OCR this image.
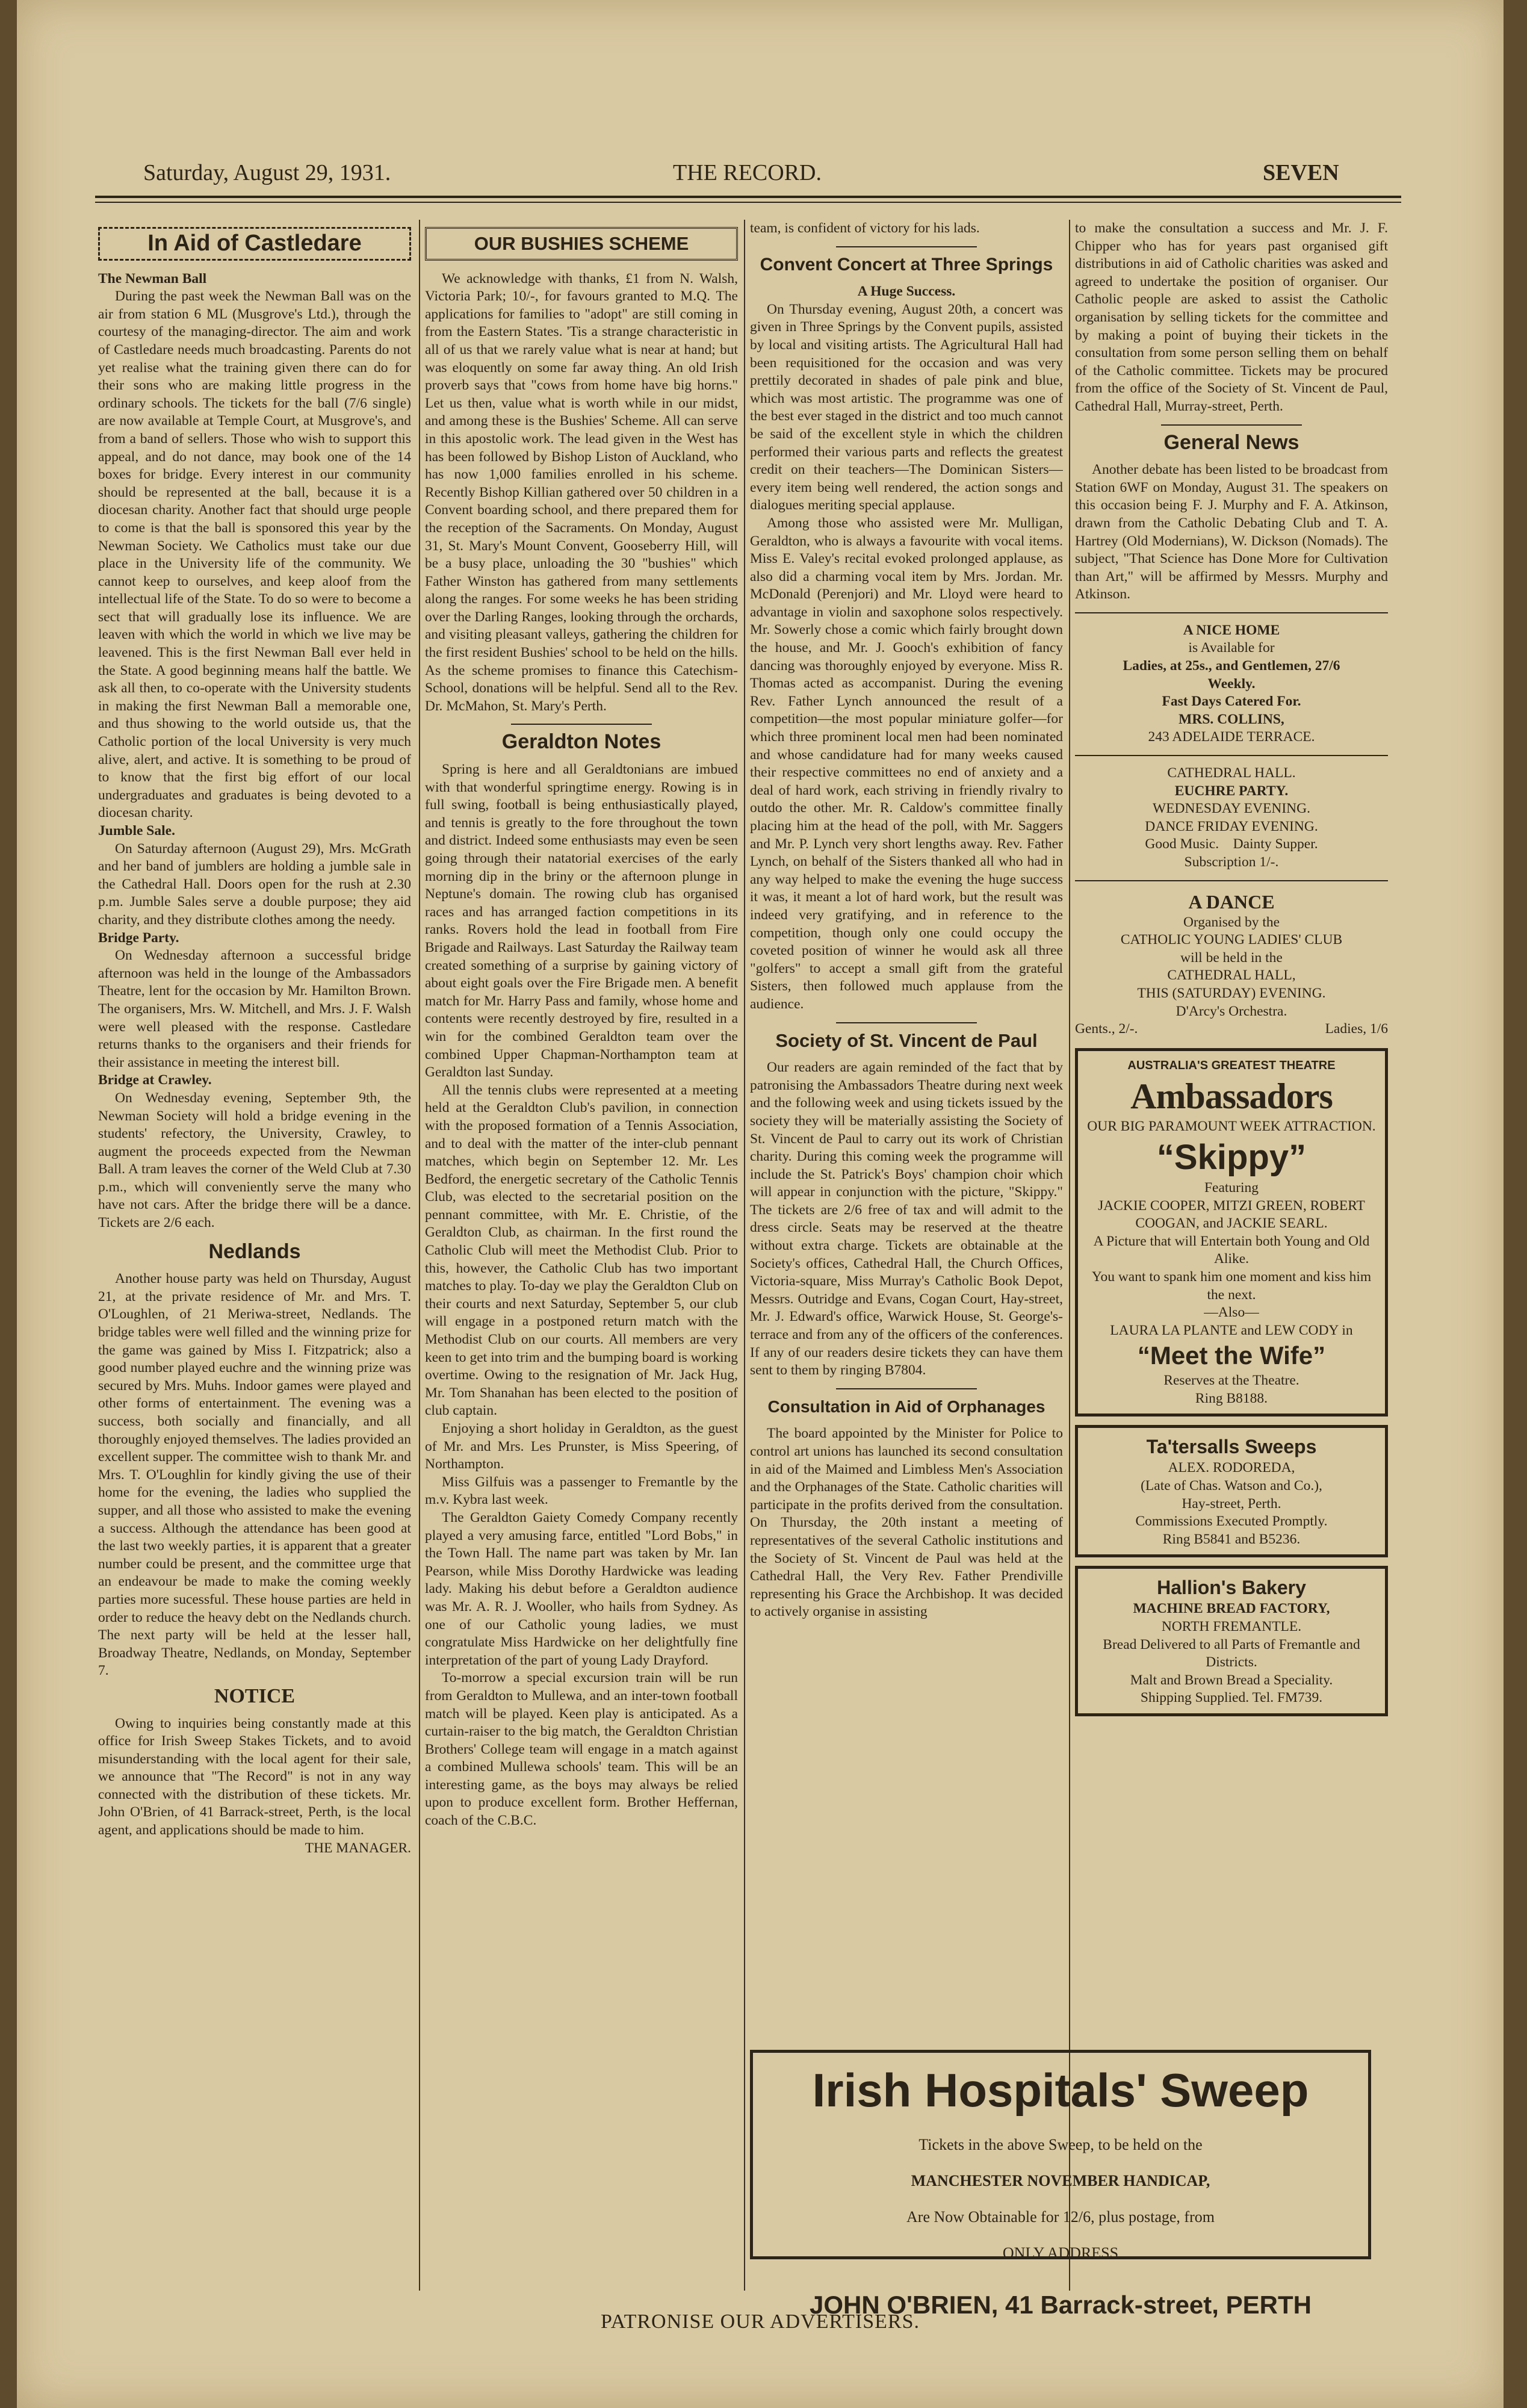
Saturday, August 29, 1931.	THE RECORD.	SEVEN
In Aid of Castledare

The Newman Ball

During the past week the Newman Ball was on the air from station 6 ML (Musgrove's Ltd.), through the courtesy of the managing-director. The aim and work of Castledare needs much broadcasting. Parents do not yet realise what the training given there can do for their sons who are making little progress in the ordinary schools. The tickets for the ball (7/6 single) are now available at Temple Court, at Musgrove's, and from a band of sellers. Those who wish to support this appeal, and do not dance, may book one of the 14 boxes for bridge. Every interest in our community should be represented at the ball, because it is a diocesan charity. Another fact that should urge people to come is that the ball is sponsored this year by the Newman Society. We Catholics must take our due place in the University life of the community. We cannot keep to ourselves, and keep aloof from the intellectual life of the State. To do so were to become a sect that will gradually lose its influence. We are leaven with which the world in which we live may be leavened. This is the first Newman Ball ever held in the State. A good beginning means half the battle. We ask all then, to co-operate with the University students in making the first Newman Ball a memorable one, and thus showing to the world outside us, that the Catholic portion of the local University is very much alive, alert, and active. It is something to be proud of to know that the first big effort of our local undergraduates and graduates is being devoted to a diocesan charity.

Jumble Sale.

On Saturday afternoon (August 29), Mrs. McGrath and her band of jumblers are holding a jumble sale in the Cathedral Hall. Doors open for the rush at 2.30 p.m. Jumble Sales serve a double purpose; they aid charity, and they distribute clothes among the needy.

Bridge Party.

On Wednesday afternoon a successful bridge afternoon was held in the lounge of the Ambassadors Theatre, lent for the occasion by Mr. Hamilton Brown. The organisers, Mrs. W. Mitchell, and Mrs. J. F. Walsh were well pleased with the response. Castledare returns thanks to the organisers and their friends for their assistance in meeting the interest bill.

Bridge at Crawley.

On Wednesday evening, September 9th, the Newman Society will hold a bridge evening in the students' refectory, the University, Crawley, to augment the proceeds expected from the Newman Ball. A tram leaves the corner of the Weld Club at 7.30 p.m., which will conveniently serve the many who have not cars. After the bridge there will be a dance. Tickets are 2/6 each.

Nedlands

Another house party was held on Thursday, August 21, at the private residence of Mr. and Mrs. T. O'Loughlen, of 21 Meriwa-street, Nedlands. The bridge tables were well filled and the winning prize for the game was gained by Miss I. Fitzpatrick; also a good number played euchre and the winning prize was secured by Mrs. Muhs. Indoor games were played and other forms of entertainment. The evening was a success, both socially and financially, and all thoroughly enjoyed themselves. The ladies provided an excellent supper. The committee wish to thank Mr. and Mrs. T. O'Loughlin for kindly giving the use of their home for the evening, the ladies who supplied the supper, and all those who assisted to make the evening a success. Although the attendance has been good at the last two weekly parties, it is apparent that a greater number could be present, and the committee urge that an endeavour be made to make the coming weekly parties more sucessful. These house parties are held in order to reduce the heavy debt on the Nedlands church. The next party will be held at the lesser hall, Broadway Theatre, Nedlands, on Monday, September 7.

NOTICE

Owing to inquiries being constantly made at this office for Irish Sweep Stakes Tickets, and to avoid misunderstanding with the local agent for their sale, we announce that "The Record" is not in any way connected with the distribution of these tickets. Mr. John O'Brien, of 41 Barrack-street, Perth, is the local agent, and applications should be made to him.

THE MANAGER.

OUR BUSHIES SCHEME

We acknowledge with thanks, £1 from N. Walsh, Victoria Park; 10/-, for favours granted to M.Q. The applications for families to "adopt" are still coming in from the Eastern States. 'Tis a strange characteristic in all of us that we rarely value what is near at hand; but was eloquently on some far away thing. An old Irish proverb says that "cows from home have big horns." Let us then, value what is worth while in our midst, and among these is the Bushies' Scheme. All can serve in this apostolic work. The lead given in the West has has been followed by Bishop Liston of Auckland, who has now 1,000 families enrolled in his scheme. Recently Bishop Killian gathered over 50 children in a Convent boarding school, and there prepared them for the reception of the Sacraments. On Monday, August 31, St. Mary's Mount Convent, Gooseberry Hill, will be a busy place, unloading the 30 "bushies" which Father Winston has gathered from many settlements along the ranges. For some weeks he has been striding over the Darling Ranges, looking through the orchards, and visiting pleasant valleys, gathering the children for the first resident Bushies' school to be held on the hills. As the scheme promises to finance this Catechism-School, donations will be helpful. Send all to the Rev. Dr. McMahon, St. Mary's Perth.

Geraldton Notes

Spring is here and all Geraldtonians are imbued with that wonderful springtime energy. Rowing is in full swing, football is being enthusiastically played, and tennis is greatly to the fore throughout the town and district. Indeed some enthusiasts may even be seen going through their natatorial exercises of the early morning dip in the briny or the afternoon plunge in Neptune's domain. The rowing club has organised races and has arranged faction competitions in its ranks. Rovers hold the lead in football from Fire Brigade and Railways. Last Saturday the Railway team created something of a surprise by gaining victory of about eight goals over the Fire Brigade men. A benefit match for Mr. Harry Pass and family, whose home and contents were recently destroyed by fire, resulted in a win for the combined Geraldton team over the combined Upper Chapman-Northampton team at Geraldton last Sunday.

All the tennis clubs were represented at a meeting held at the Geraldton Club's pavilion, in connection with the proposed formation of a Tennis Association, and to deal with the matter of the inter-club pennant matches, which begin on September 12. Mr. Les Bedford, the energetic secretary of the Catholic Tennis Club, was elected to the secretarial position on the pennant committee, with Mr. E. Christie, of the Geraldton Club, as chairman. In the first round the Catholic Club will meet the Methodist Club. Prior to this, however, the Catholic Club has two important matches to play. To-day we play the Geraldton Club on their courts and next Saturday, September 5, our club will engage in a postponed return match with the Methodist Club on our courts. All members are very keen to get into trim and the bumping board is working overtime. Owing to the resignation of Mr. Jack Hug, Mr. Tom Shanahan has been elected to the position of club captain.

Enjoying a short holiday in Geraldton, as the guest of Mr. and Mrs. Les Prunster, is Miss Speering, of Northampton.

Miss Gilfuis was a passenger to Fremantle by the m.v. Kybra last week.

The Geraldton Gaiety Comedy Company recently played a very amusing farce, entitled "Lord Bobs," in the Town Hall. The name part was taken by Mr. Ian Pearson, while Miss Dorothy Hardwicke was leading lady. Making his debut before a Geraldton audience was Mr. A. R. J. Wooller, who hails from Sydney. As one of our Catholic young ladies, we must congratulate Miss Hardwicke on her delightfully fine interpretation of the part of young Lady Drayford.

To-morrow a special excursion train will be run from Geraldton to Mullewa, and an inter-town football match will be played. Keen play is anticipated. As a curtain-raiser to the big match, the Geraldton Christian Brothers' College team will engage in a match against a combined Mullewa schools' team. This will be an interesting game, as the boys may always be relied upon to produce excellent form. Brother Heffernan, coach of the C.B.C.

team, is confident of victory for his lads.

Convent Concert at Three Springs

A Huge Success.

On Thursday evening, August 20th, a concert was given in Three Springs by the Convent pupils, assisted by local and visiting artists. The Agricultural Hall had been requisitioned for the occasion and was very prettily decorated in shades of pale pink and blue, which was most artistic. The programme was one of the best ever staged in the district and too much cannot be said of the excellent style in which the children performed their various parts and reflects the greatest credit on their teachers—The Dominican Sisters—every item being well rendered, the action songs and dialogues meriting special applause.

Among those who assisted were Mr. Mulligan, Geraldton, who is always a favourite with vocal items. Miss E. Valey's recital evoked prolonged applause, as also did a charming vocal item by Mrs. Jordan. Mr. McDonald (Perenjori) and Mr. Lloyd were heard to advantage in violin and saxophone solos respectively. Mr. Sowerly chose a comic which fairly brought down the house, and Mr. J. Gooch's exhibition of fancy dancing was thoroughly enjoyed by everyone. Miss R. Thomas acted as accompanist. During the evening Rev. Father Lynch announced the result of a competition—the most popular miniature golfer—for which three prominent local men had been nominated and whose candidature had for many weeks caused their respective committees no end of anxiety and a deal of hard work, each striving in friendly rivalry to outdo the other. Mr. R. Caldow's committee finally placing him at the head of the poll, with Mr. Saggers and Mr. P. Lynch very short lengths away. Rev. Father Lynch, on behalf of the Sisters thanked all who had in any way helped to make the evening the huge success it was, it meant a lot of hard work, but the result was indeed very gratifying, and in reference to the competition, though only one could occupy the coveted position of winner he would ask all three "golfers" to accept a small gift from the grateful Sisters, then followed much applause from the audience.

Society of St. Vincent de Paul

Our readers are again reminded of the fact that by patronising the Ambassadors Theatre during next week and the following week and using tickets issued by the society they will be materially assisting the Society of St. Vincent de Paul to carry out its work of Christian charity. During this coming week the programme will include the St. Patrick's Boys' champion choir which will appear in conjunction with the picture, "Skippy." The tickets are 2/6 free of tax and will admit to the dress circle. Seats may be reserved at the theatre without extra charge. Tickets are obtainable at the Society's offices, Cathedral Hall, the Church Offices, Victoria-square, Miss Murray's Catholic Book Depot, Messrs. Outridge and Evans, Cogan Court, Hay-street, Mr. J. Edward's office, Warwick House, St. George's-terrace and from any of the officers of the conferences. If any of our readers desire tickets they can have them sent to them by ringing B7804.

Consultation in Aid of Orphanages

The board appointed by the Minister for Police to control art unions has launched its second consultation in aid of the Maimed and Limbless Men's Association and the Orphanages of the State. Catholic charities will participate in the profits derived from the consultation. On Thursday, the 20th instant a meeting of representatives of the several Catholic institutions and the Society of St. Vincent de Paul was held at the Cathedral Hall, the Very Rev. Father Prendiville representing his Grace the Archbishop. It was decided to actively organise in assisting

to make the consultation a success and Mr. J. F. Chipper who has for years past organised gift distributions in aid of Catholic charities was asked and agreed to undertake the position of organiser. Our Catholic people are asked to assist the Catholic organisation by selling tickets for the committee and by making a point of buying their tickets in the consultation from some person selling them on behalf of the Catholic committee. Tickets may be procured from the office of the Society of St. Vincent de Paul, Cathedral Hall, Murray-street, Perth.

General News

Another debate has been listed to be broadcast from Station 6WF on Monday, August 31. The speakers on this occasion being F. J. Murphy and F. A. Atkinson, drawn from the Catholic Debating Club and T. A. Hartrey (Old Modernians), W. Dickson (Nomads). The subject, "That Science has Done More for Cultivation than Art," will be affirmed by Messrs. Murphy and Atkinson.

A NICE HOME

is Available for

Ladies, at 25s., and Gentlemen, 27/6

Weekly.

Fast Days Catered For.

MRS. COLLINS,

243 ADELAIDE TERRACE.

CATHEDRAL HALL.

EUCHRE PARTY.

WEDNESDAY EVENING.

DANCE FRIDAY EVENING.

Good Music. Dainty Supper.

Subscription 1/-.

A DANCE

Organised by the

CATHOLIC YOUNG LADIES' CLUB

will be held in the

CATHEDRAL HALL,

THIS (SATURDAY) EVENING.

D'Arcy's Orchestra.

Gents., 2/-.	Ladies, 1/6

AUSTRALIA'S GREATEST THEATRE

Ambassadors

OUR BIG PARAMOUNT WEEK ATTRACTION.

“Skippy”

Featuring

JACKIE COOPER, MITZI GREEN, ROBERT COOGAN, and JACKIE SEARL.

A Picture that will Entertain both Young and Old Alike.

You want to spank him one moment and kiss him the next.

—Also—

LAURA LA PLANTE and LEW CODY in

“Meet the Wife”

Reserves at the Theatre.

Ring B8188.

Ta'tersalls Sweeps

ALEX. RODOREDA,

(Late of Chas. Watson and Co.),

Hay-street, Perth.

Commissions Executed Promptly.

Ring B5841 and B5236.

Hallion's Bakery

MACHINE BREAD FACTORY,

NORTH FREMANTLE.

Bread Delivered to all Parts of Fremantle and Districts.

Malt and Brown Bread a Speciality.

Shipping Supplied. Tel. FM739.

Irish Hospitals' Sweep

Tickets in the above Sweep, to be held on the

MANCHESTER NOVEMBER HANDICAP,

Are Now Obtainable for 12/6, plus postage, from

ONLY ADDRESS

JOHN O'BRIEN, 41 Barrack-street, PERTH

PATRONISE OUR ADVERTISERS.
